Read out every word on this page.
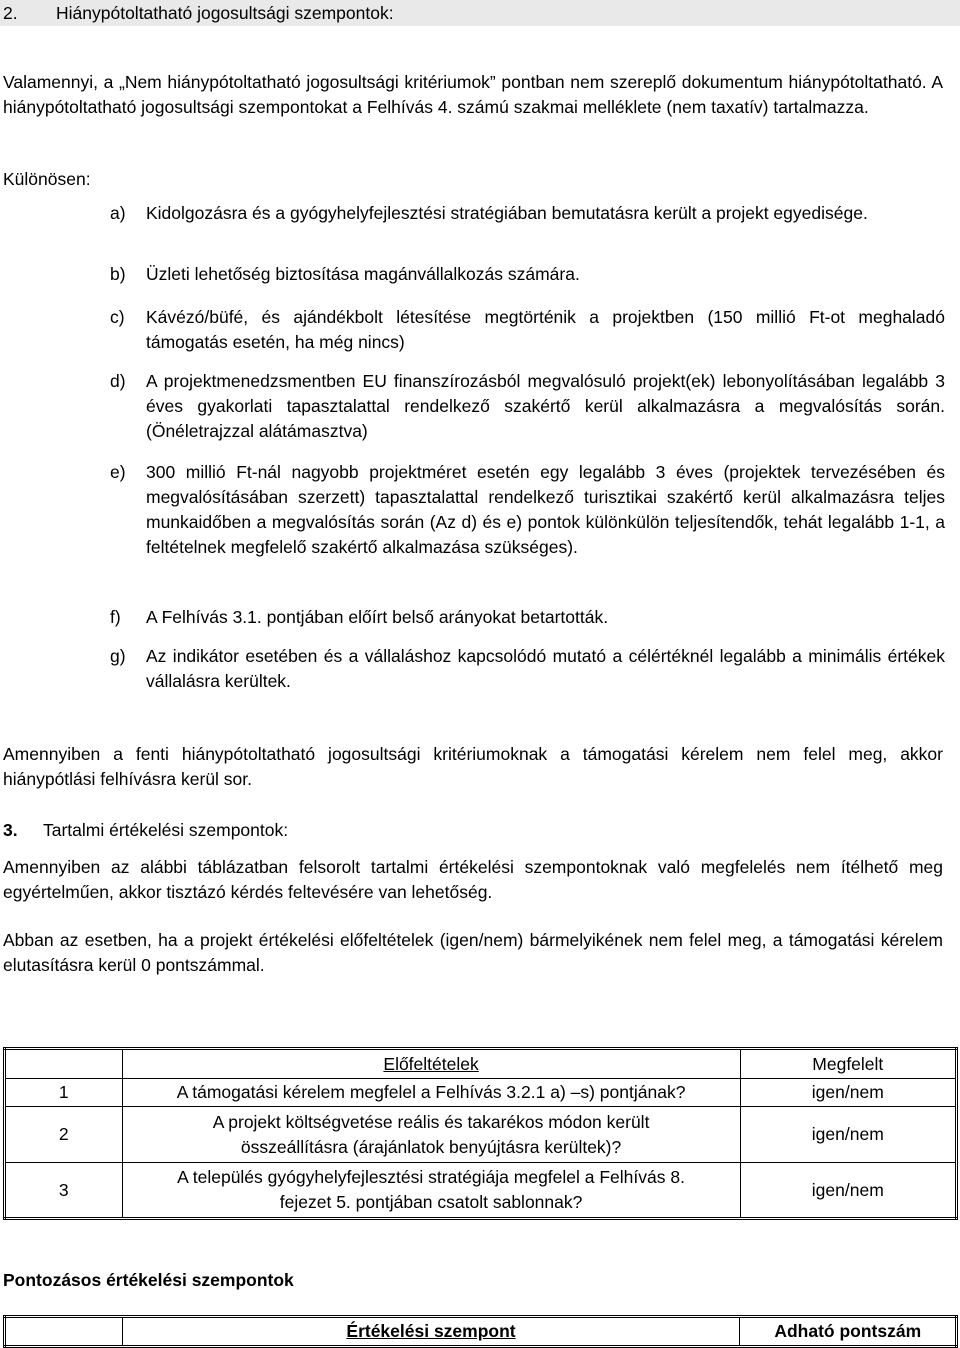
2. Hiánypótoltatható jogosultsági szempontok:
Valamennyi, a „Nem hiánypótoltatható jogosultsági kritériumok” pontban nem szereplő dokumentum hiánypótoltatható. A hiánypótoltatható jogosultsági szempontokat a Felhívás 4. számú szakmai melléklete (nem taxatív) tartalmazza.
Különösen:
a) Kidolgozásra és a gyógyhelyfejlesztési stratégiában bemutatásra került a projekt egyedisége.
b) Üzleti lehetőség biztosítása magánvállalkozás számára.
c) Kávézó/büfé, és ajándékbolt létesítése megtörténik a projektben (150 millió Ft-ot meghaladó támogatás esetén, ha még nincs)
d) A projektmenedzsmentben EU finanszírozásból megvalósuló projekt(ek) lebonyolításában legalább 3 éves gyakorlati tapasztalattal rendelkező szakértő kerül alkalmazásra a megvalósítás során. (Önéletrajzzal alátámasztva)
e) 300 millió Ft-nál nagyobb projektméret esetén egy legalább 3 éves (projektek tervezésében és megvalósításában szerzett) tapasztalattal rendelkező turisztikai szakértő kerül alkalmazásra teljes munkaidőben a megvalósítás során (Az d) és e) pontok különkülön teljesítendők, tehát legalább 1-1, a feltételnek megfelelő szakértő alkalmazása szükséges).
f) A Felhívás 3.1. pontjában előírt belső arányokat betartották.
g) Az indikátor esetében és a vállaláshoz kapcsolódó mutató a célértéknél legalább a minimális értékek vállalásra kerültek.
Amennyiben a fenti hiánypótoltatható jogosultsági kritériumoknak a támogatási kérelem nem felel meg, akkor hiánypótlási felhívásra kerül sor.
3. Tartalmi értékelési szempontok:
Amennyiben az alábbi táblázatban felsorolt tartalmi értékelési szempontoknak való megfelelés nem ítélhető meg egyértelműen, akkor tisztázó kérdés feltevésére van lehetőség.
Abban az esetben, ha a projekt értékelési előfeltételek (igen/nem) bármelyikének nem felel meg, a támogatási kérelem elutasításra kerül 0 pontszámmal.
	Előfeltételek	Megfelelt
1	A támogatási kérelem megfelel a Felhívás 3.2.1 a) –s) pontjának?	igen/nem
2	A projekt költségvetése reális és takarékos módon került
összeállításra (árajánlatok benyújtásra kerültek)?	igen/nem
3	A település gyógyhelyfejlesztési stratégiája megfelel a Felhívás 8.
fejezet 5. pontjában csatolt sablonnak?	igen/nem
Pontozásos értékelési szempontok
	Értékelési szempont	Adható pontszám
